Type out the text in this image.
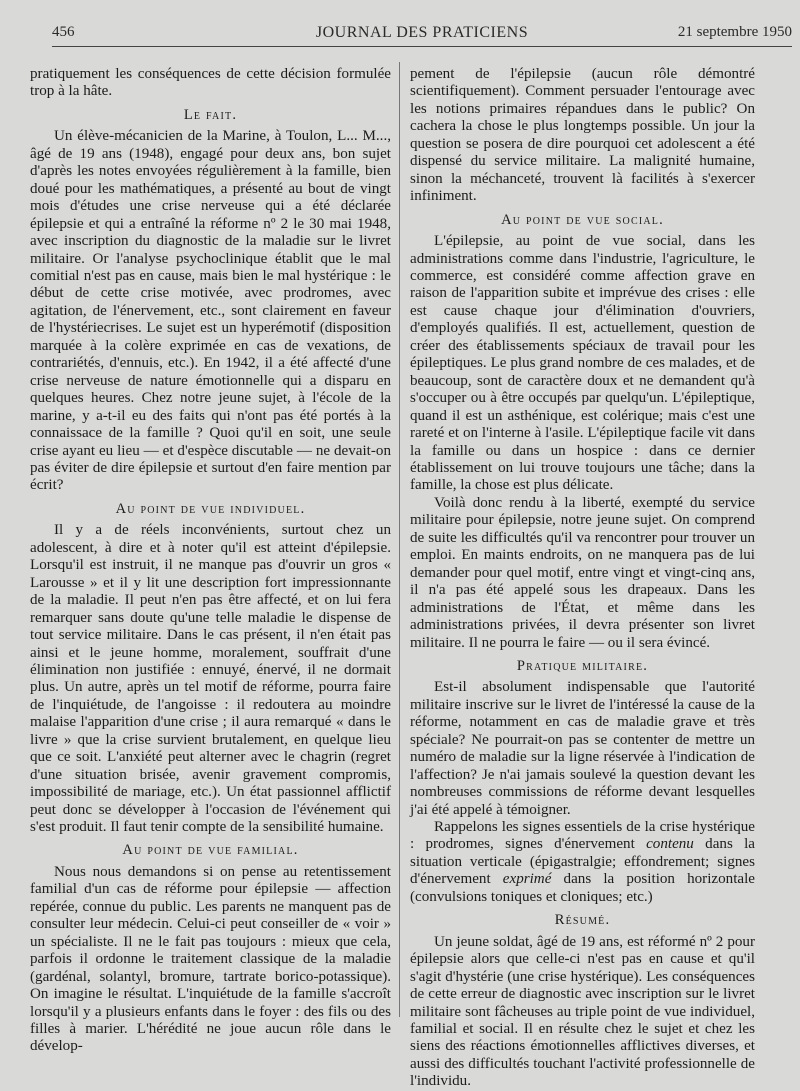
456	JOURNAL DES PRATICIENS	21 septembre 1950

pratiquement les conséquences de cette décision formulée trop à la hâte.

Le fait.

Un élève-mécanicien de la Marine, à Toulon, L... M..., âgé de 19 ans (1948), engagé pour deux ans, bon sujet d'après les notes envoyées régulièrement à la famille, bien doué pour les mathématiques, a présenté au bout de vingt mois d'études une crise nerveuse qui a été déclarée épilepsie et qui a entraîné la réforme nº 2 le 30 mai 1948, avec inscription du diagnostic de la maladie sur le livret militaire. Or l'analyse psychoclinique établit que le mal comitial n'est pas en cause, mais bien le mal hystérique : le début de cette crise motivée, avec prodromes, avec agitation, de l'énervement, etc., sont clairement en faveur de l'hystériecrises. Le sujet est un hyperémotif (disposition marquée à la colère exprimée en cas de vexations, de contrariétés, d'ennuis, etc.). En 1942, il a été affecté d'une crise nerveuse de nature émotionnelle qui a disparu en quelques heures. Chez notre jeune sujet, à l'école de la marine, y a-t-il eu des faits qui n'ont pas été portés à la connaissace de la famille ? Quoi qu'il en soit, une seule crise ayant eu lieu — et d'espèce discutable — ne devait-on pas éviter de dire épilepsie et surtout d'en faire mention par écrit?

Au point de vue individuel.

Il y a de réels inconvénients, surtout chez un adolescent, à dire et à noter qu'il est atteint d'épilepsie. Lorsqu'il est instruit, il ne manque pas d'ouvrir un gros « Larousse » et il y lit une description fort impressionnante de la maladie. Il peut n'en pas être affecté, et on lui fera remarquer sans doute qu'une telle maladie le dispense de tout service militaire. Dans le cas présent, il n'en était pas ainsi et le jeune homme, moralement, souffrait d'une élimination non justifiée : ennuyé, énervé, il ne dormait plus. Un autre, après un tel motif de réforme, pourra faire de l'inquiétude, de l'angoisse : il redoutera au moindre malaise l'apparition d'une crise ; il aura remarqué « dans le livre » que la crise survient brutalement, en quelque lieu que ce soit. L'anxiété peut alterner avec le chagrin (regret d'une situation brisée, avenir gravement compromis, impossibilité de mariage, etc.). Un état passionnel afflictif peut donc se développer à l'occasion de l'événement qui s'est produit. Il faut tenir compte de la sensibilité humaine.

Au point de vue familial.

Nous nous demandons si on pense au retentissement familial d'un cas de réforme pour épilepsie — affection repérée, connue du public. Les parents ne manquent pas de consulter leur médecin. Celui-ci peut conseiller de « voir » un spécialiste. Il ne le fait pas toujours : mieux que cela, parfois il ordonne le traitement classique de la maladie (gardénal, solantyl, bromure, tartrate borico-potassique). On imagine le résultat. L'inquiétude de la famille s'accroît lorsqu'il y a plusieurs enfants dans le foyer : des fils ou des filles à marier. L'hérédité ne joue aucun rôle dans le dévelop-

pement de l'épilepsie (aucun rôle démontré scientifiquement). Comment persuader l'entourage avec les notions primaires répandues dans le public? On cachera la chose le plus longtemps possible. Un jour la question se posera de dire pourquoi cet adolescent a été dispensé du service militaire. La malignité humaine, sinon la méchanceté, trouvent là facilités à s'exercer infiniment.

Au point de vue social.

L'épilepsie, au point de vue social, dans les administrations comme dans l'industrie, l'agriculture, le commerce, est considéré comme affection grave en raison de l'apparition subite et imprévue des crises : elle est cause chaque jour d'élimination d'ouvriers, d'employés qualifiés. Il est, actuellement, question de créer des établissements spéciaux de travail pour les épileptiques. Le plus grand nombre de ces malades, et de beaucoup, sont de caractère doux et ne demandent qu'à s'occuper ou à être occupés par quelqu'un. L'épileptique, quand il est un asthénique, est colérique; mais c'est une rareté et on l'interne à l'asile. L'épileptique facile vit dans la famille ou dans un hospice : dans ce dernier établissement on lui trouve toujours une tâche; dans la famille, la chose est plus délicate.

Voilà donc rendu à la liberté, exempté du service militaire pour épilepsie, notre jeune sujet. On comprend de suite les difficultés qu'il va rencontrer pour trouver un emploi. En maints endroits, on ne manquera pas de lui demander pour quel motif, entre vingt et vingt-cinq ans, il n'a pas été appelé sous les drapeaux. Dans les administrations de l'État, et même dans les administrations privées, il devra présenter son livret militaire. Il ne pourra le faire — ou il sera évincé.

Pratique militaire.

Est-il absolument indispensable que l'autorité militaire inscrive sur le livret de l'intéressé la cause de la réforme, notamment en cas de maladie grave et très spéciale? Ne pourrait-on pas se contenter de mettre un numéro de maladie sur la ligne réservée à l'indication de l'affection? Je n'ai jamais soulevé la question devant les nombreuses commissions de réforme devant lesquelles j'ai été appelé à témoigner.

Rappelons les signes essentiels de la crise hystérique : prodromes, signes d'énervement contenu dans la situation verticale (épigastralgie; effondrement; signes d'énervement exprimé dans la position horizontale (convulsions toniques et cloniques; etc.)

Résumé.

Un jeune soldat, âgé de 19 ans, est réformé nº 2 pour épilepsie alors que celle-ci n'est pas en cause et qu'il s'agit d'hystérie (une crise hystérique). Les conséquences de cette erreur de diagnostic avec inscription sur le livret militaire sont fâcheuses au triple point de vue individuel, familial et social. Il en résulte chez le sujet et chez les siens des réactions émotionnelles afflictives diverses, et aussi des difficultés touchant l'activité professionnelle de l'individu.
